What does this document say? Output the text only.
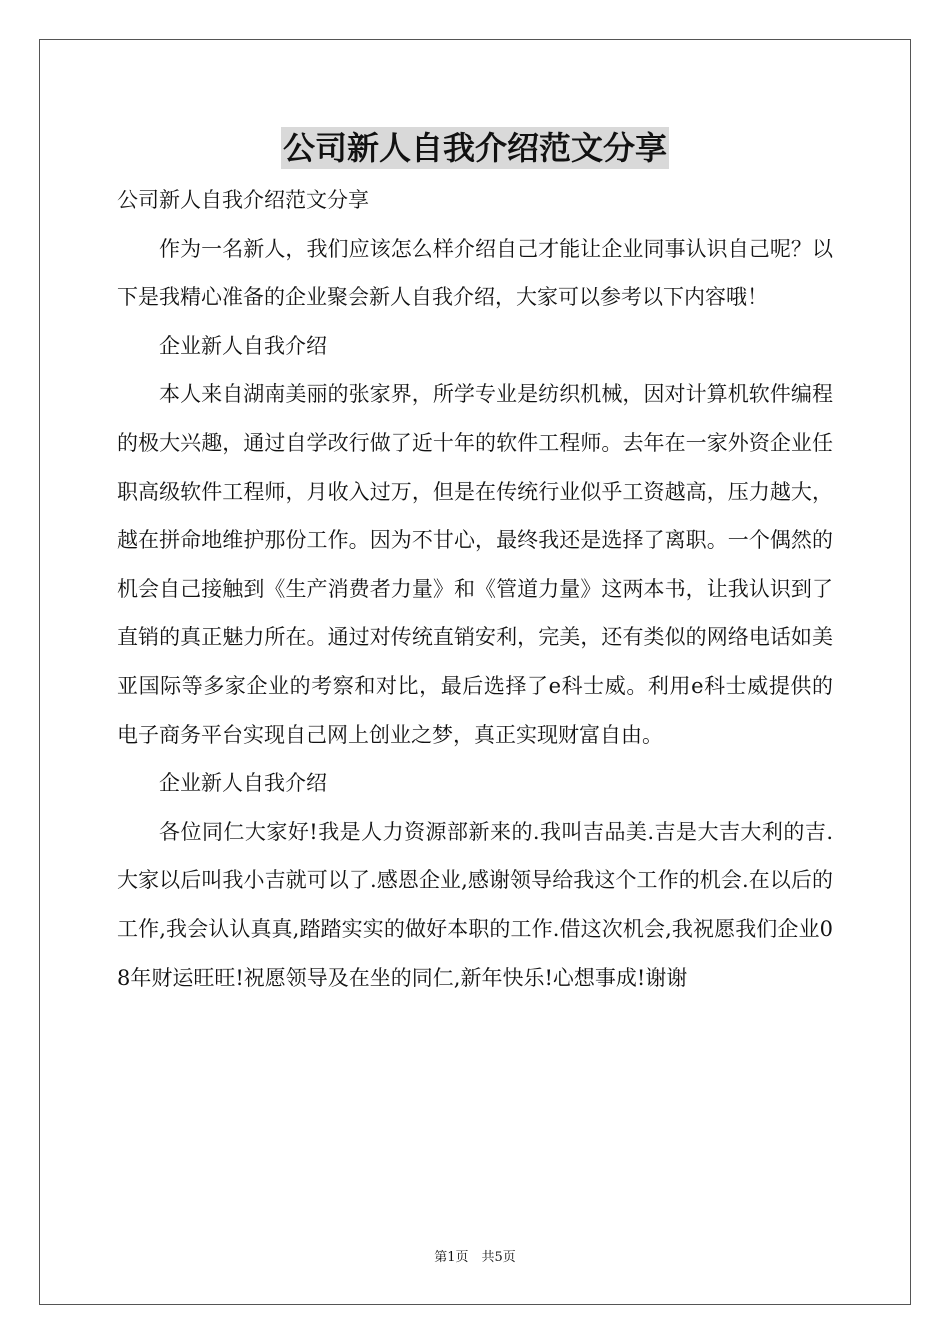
公司新人自我介绍范文分享

公司新人自我介绍范文分享

作为一名新人，我们应该怎么样介绍自己才能让企业同事认识自己呢？以下是我精心准备的企业聚会新人自我介绍，大家可以参考以下内容哦！

企业新人自我介绍

本人来自湖南美丽的张家界，所学专业是纺织机械，因对计算机软件编程的极大兴趣，通过自学改行做了近十年的软件工程师。去年在一家外资企业任职高级软件工程师，月收入过万，但是在传统行业似乎工资越高，压力越大，越在拼命地维护那份工作。因为不甘心，最终我还是选择了离职。一个偶然的机会自己接触到《生产消费者力量》和《管道力量》这两本书，让我认识到了直销的真正魅力所在。通过对传统直销安利，完美，还有类似的网络电话如美亚国际等多家企业的考察和对比，最后选择了e科士威。利用e科士威提供的电子商务平台实现自己网上创业之梦，真正实现财富自由。

企业新人自我介绍

各位同仁大家好!我是人力资源部新来的.我叫吉品美.吉是大吉大利的吉.大家以后叫我小吉就可以了.感恩企业,感谢领导给我这个工作的机会.在以后的工作,我会认认真真,踏踏实实的做好本职的工作.借这次机会,我祝愿我们企业08年财运旺旺!祝愿领导及在坐的同仁,新年快乐!心想事成!谢谢

第1页　共5页
